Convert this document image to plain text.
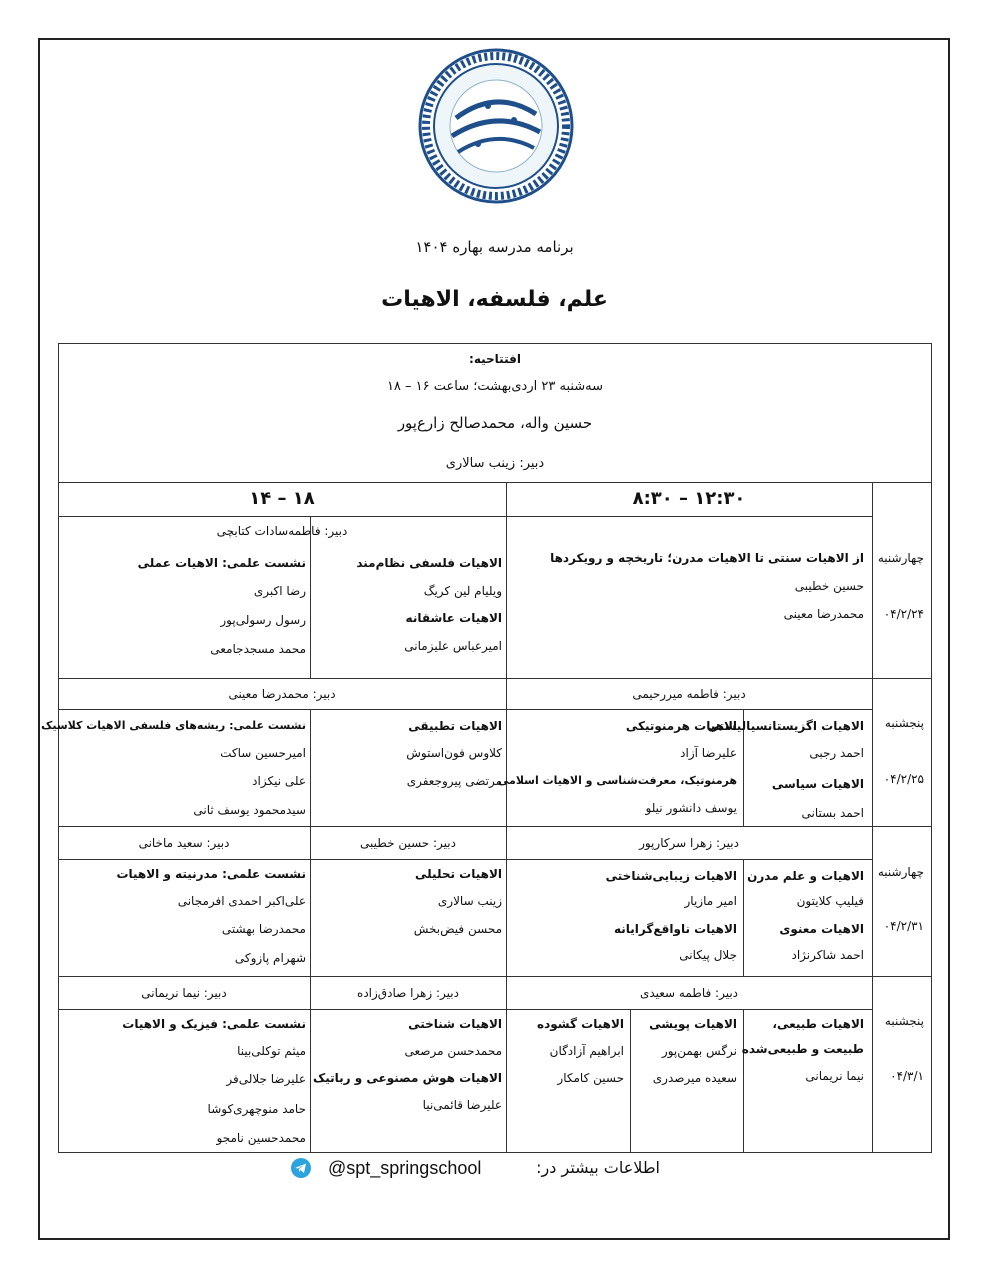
برنامه مدرسه بهاره ۱۴۰۴
علم، فلسفه، الاهیات
افتتاحیه:
سه‌شنبه ۲۳ اردی‌بهشت؛ ساعت ۱۶ – ۱۸
حسین واله، محمدصالح زارع‌پور
دبیر: زینب سالاری
۸:۳۰ – ۱۲:۳۰
۱۸ – ۱۴
چهارشنبه
۰۴/۲/۲۴
از الاهیات سنتی تا الاهیات مدرن؛ تاریخچه و رویکردها
حسین خطیبی
محمدرضا معینی
دبیر: فاطمه‌سادات کتابچی
الاهیات فلسفی نظام‌مند
ویلیام لین کریگ
الاهیات عاشقانه
امیرعباس علیزمانی
نشست علمی: الاهیات عملی
رضا اکبری
رسول رسولی‌پور
محمد مسجدجامعی
پنجشنبه
۰۴/۲/۲۵
دبیر: فاطمه میررحیمی
الاهیات اگزیستانسیالیستی
احمد رجبی
الاهیات سیاسی
احمد بستانی
الاهیات هرمنوتیکی
علیرضا آزاد
هرمنوتیک، معرفت‌شناسی و الاهیات اسلامی
یوسف دانشور نیلو
دبیر: محمدرضا معینی
الاهیات تطبیقی
کلاوس فون‌استوش
مرتضی پیروجعفری
نشست علمی: ریشه‌های فلسفی الاهیات کلاسیک
امیرحسین ساکت
علی نیکزاد
سیدمحمود یوسف ثانی
چهارشنبه
۰۴/۲/۳۱
دبیر: زهرا سرکارپور
الاهیات و علم مدرن
فیلیپ کلایتون
الاهیات معنوی
احمد شاکرنژاد
الاهیات زیبایی‌شناختی
امیر مازیار
الاهیات ناواقع‌گرایانه
جلال پیکانی
دبیر: حسین خطیبی
دبیر: سعید ماخانی
الاهیات تحلیلی
زینب سالاری
محسن فیض‌بخش
نشست علمی: مدرنیته و الاهیات
علی‌اکبر احمدی افرمجانی
محمدرضا بهشتی
شهرام پازوکی
پنجشنبه
۰۴/۳/۱
دبیر: فاطمه سعیدی
الاهیات طبیعی،
طبیعت و طبیعی‌شده
نیما نریمانی
الاهیات پویشی
نرگس بهمن‌پور
سعیده میرصدری
الاهیات گشوده
ابراهیم آزادگان
حسین کامکار
دبیر: زهرا صادق‌زاده
دبیر: نیما نریمانی
الاهیات شناختی
محمدحسن مرصعی
الاهیات هوش مصنوعی و رباتیک
علیرضا قائمی‌نیا
نشست علمی: فیزیک و الاهیات
میثم توکلی‌بینا
علیرضا جلالی‌فر
حامد منوچهری‌کوشا
محمدحسین نامجو
@spt_springschool	اطلاعات بیشتر در:
